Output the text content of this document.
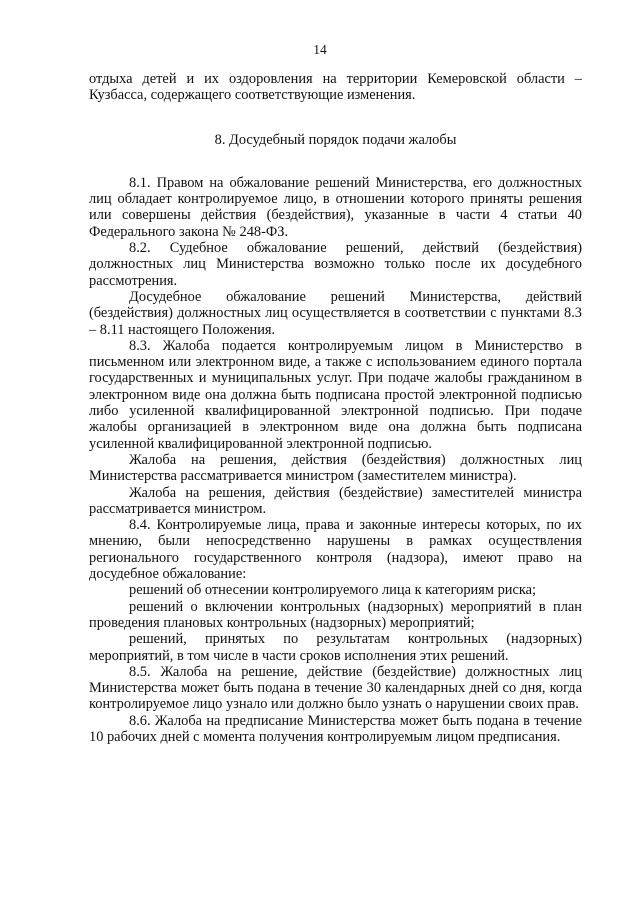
14

отдыха детей и их оздоровления на территории Кемеровской области – Кузбасса, содержащего соответствующие изменения.

8. Досудебный порядок подачи жалобы

8.1. Правом на обжалование решений Министерства, его должностных лиц обладает контролируемое лицо, в отношении которого приняты решения или совершены действия (бездействия), указанные в части 4 статьи 40 Федерального закона № 248-ФЗ.

8.2. Судебное обжалование решений, действий (бездействия) должностных лиц Министерства возможно только после их досудебного рассмотрения.

Досудебное обжалование решений Министерства, действий (бездействия) должностных лиц осуществляется в соответствии с пунктами 8.3 – 8.11 настоящего Положения.

8.3. Жалоба подается контролируемым лицом в Министерство в письменном или электронном виде, а также с использованием единого портала государственных и муниципальных услуг. При подаче жалобы гражданином в электронном виде она должна быть подписана простой электронной подписью либо усиленной квалифицированной электронной подписью. При подаче жалобы организацией в электронном виде она должна быть подписана усиленной квалифицированной электронной подписью.

Жалоба на решения, действия (бездействия) должностных лиц Министерства рассматривается министром (заместителем министра).

Жалоба на решения, действия (бездействие) заместителей министра рассматривается министром.

8.4. Контролируемые лица, права и законные интересы которых, по их мнению, были непосредственно нарушены в рамках осуществления регионального государственного контроля (надзора), имеют право на досудебное обжалование:

решений об отнесении контролируемого лица к категориям риска;

решений о включении контрольных (надзорных) мероприятий в план проведения плановых контрольных (надзорных) мероприятий;

решений, принятых по результатам контрольных (надзорных) мероприятий, в том числе в части сроков исполнения этих решений.

8.5. Жалоба на решение, действие (бездействие) должностных лиц Министерства может быть подана в течение 30 календарных дней со дня, когда контролируемое лицо узнало или должно было узнать о нарушении своих прав.

8.6. Жалоба на предписание Министерства может быть подана в течение 10 рабочих дней с момента получения контролируемым лицом предписания.
